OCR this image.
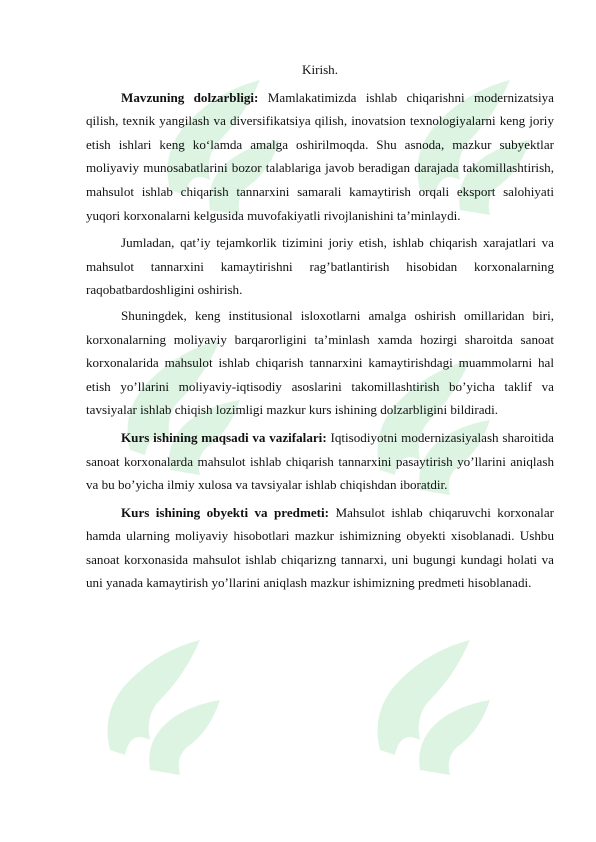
Kirish.

Mavzuning dolzarbligi: Mamlakatimizda ishlab chiqarishni modernizatsiya qilish, texnik yangilash va diversifikatsiya qilish, inovatsion texnologiyalarni keng joriy etish ishlari keng ko‘lamda amalga oshirilmoqda. Shu asnoda, mazkur subyektlar moliyaviy munosabatlarini bozor talablariga javob beradigan darajada takomillashtirish, mahsulot ishlab chiqarish tannarxini samarali kamaytirish orqali eksport salohiyati yuqori korxonalarni kelgusida muvofakiyatli rivojlanishini ta’minlaydi.

Jumladan, qat’iy tejamkorlik tizimini joriy etish, ishlab chiqarish xarajatlari va mahsulot tannarxini kamaytirishni rag’batlantirish hisobidan korxonalarning raqobatbardoshligini oshirish.

Shuningdek, keng institusional isloxotlarni amalga oshirish omillaridan biri, korxonalarning moliyaviy barqarorligini ta’minlash xamda hozirgi sharoitda sanoat korxonalarida mahsulot ishlab chiqarish tannarxini kamaytirishdagi muammolarni hal etish yo’llarini moliyaviy-iqtisodiy asoslarini takomillashtirish bo’yicha taklif va tavsiyalar ishlab chiqish lozimligi mazkur kurs ishining dolzarbligini bildiradi.

Kurs ishining maqsadi va vazifalari: Iqtisodiyotni modernizasiyalash sharoitida sanoat korxonalarda mahsulot ishlab chiqarish tannarxini pasaytirish yo’llarini aniqlash va bu bo’yicha ilmiy xulosa va tavsiyalar ishlab chiqishdan iboratdir.

Kurs ishining obyekti va predmeti: Mahsulot ishlab chiqaruvchi korxonalar hamda ularning moliyaviy hisobotlari mazkur ishimizning obyekti xisoblanadi. Ushbu sanoat korxonasida mahsulot ishlab chiqarizng tannarxi, uni bugungi kundagi holati va uni yanada kamaytirish yo’llarini aniqlash mazkur ishimizning predmeti hisoblanadi.
